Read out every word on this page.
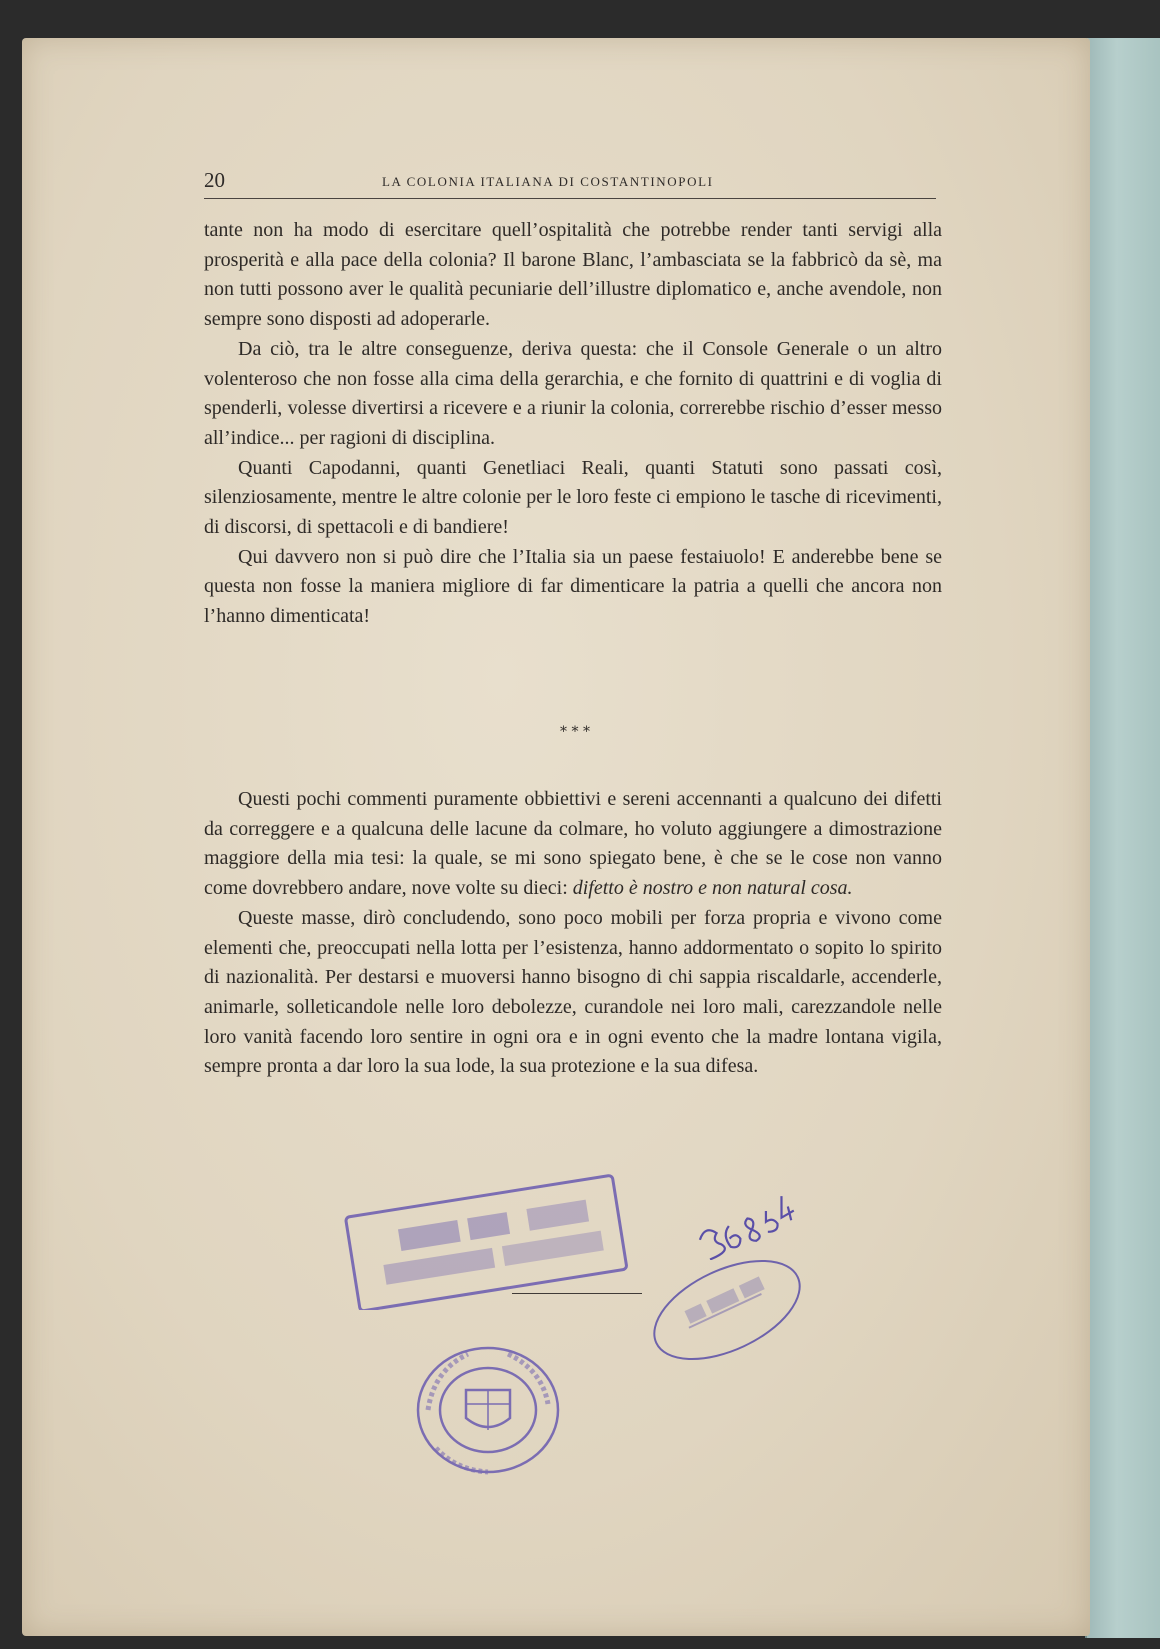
20	LA COLONIA ITALIANA DI COSTANTINOPOLI

tante non ha modo di esercitare quell’ospitalità che potrebbe render tanti servigi alla prosperità e alla pace della colonia? Il barone Blanc, l’ambasciata se la fabbricò da sè, ma non tutti possono aver le qualità pecuniarie dell’illustre diplomatico e, anche avendole, non sempre sono disposti ad adoperarle.

Da ciò, tra le altre conseguenze, deriva questa: che il Console Generale o un altro volenteroso che non fosse alla cima della gerarchia, e che fornito di quattrini e di voglia di spenderli, volesse divertirsi a ricevere e a riunir la colonia, correrebbe rischio d’esser messo all’indice... per ragioni di disciplina.

Quanti Capodanni, quanti Genetliaci Reali, quanti Statuti sono passati così, silenziosamente, mentre le altre colonie per le loro feste ci empiono le tasche di ricevimenti, di discorsi, di spettacoli e di bandiere!

Qui davvero non si può dire che l’Italia sia un paese festaiuolo! E anderebbe bene se questa non fosse la maniera migliore di far dimenticare la patria a quelli che ancora non l’hanno dimenticata!

* * *

Questi pochi commenti puramente obbiettivi e sereni accennanti a qualcuno dei difetti da correggere e a qualcuna delle lacune da colmare, ho voluto aggiungere a dimostrazione maggiore della mia tesi: la quale, se mi sono spiegato bene, è che se le cose non vanno come dovrebbero andare, nove volte su dieci: difetto è nostro e non natural cosa.

Queste masse, dirò concludendo, sono poco mobili per forza propria e vivono come elementi che, preoccupati nella lotta per l’esistenza, hanno addormentato o sopito lo spirito di nazionalità. Per destarsi e muoversi hanno bisogno di chi sappia riscaldarle, accenderle, animarle, solleticandole nelle loro debolezze, curandole nei loro mali, carezzandole nelle loro vanità facendo loro sentire in ogni ora e in ogni evento che la madre lontana vigila, sempre pronta a dar loro la sua lode, la sua protezione e la sua difesa.
